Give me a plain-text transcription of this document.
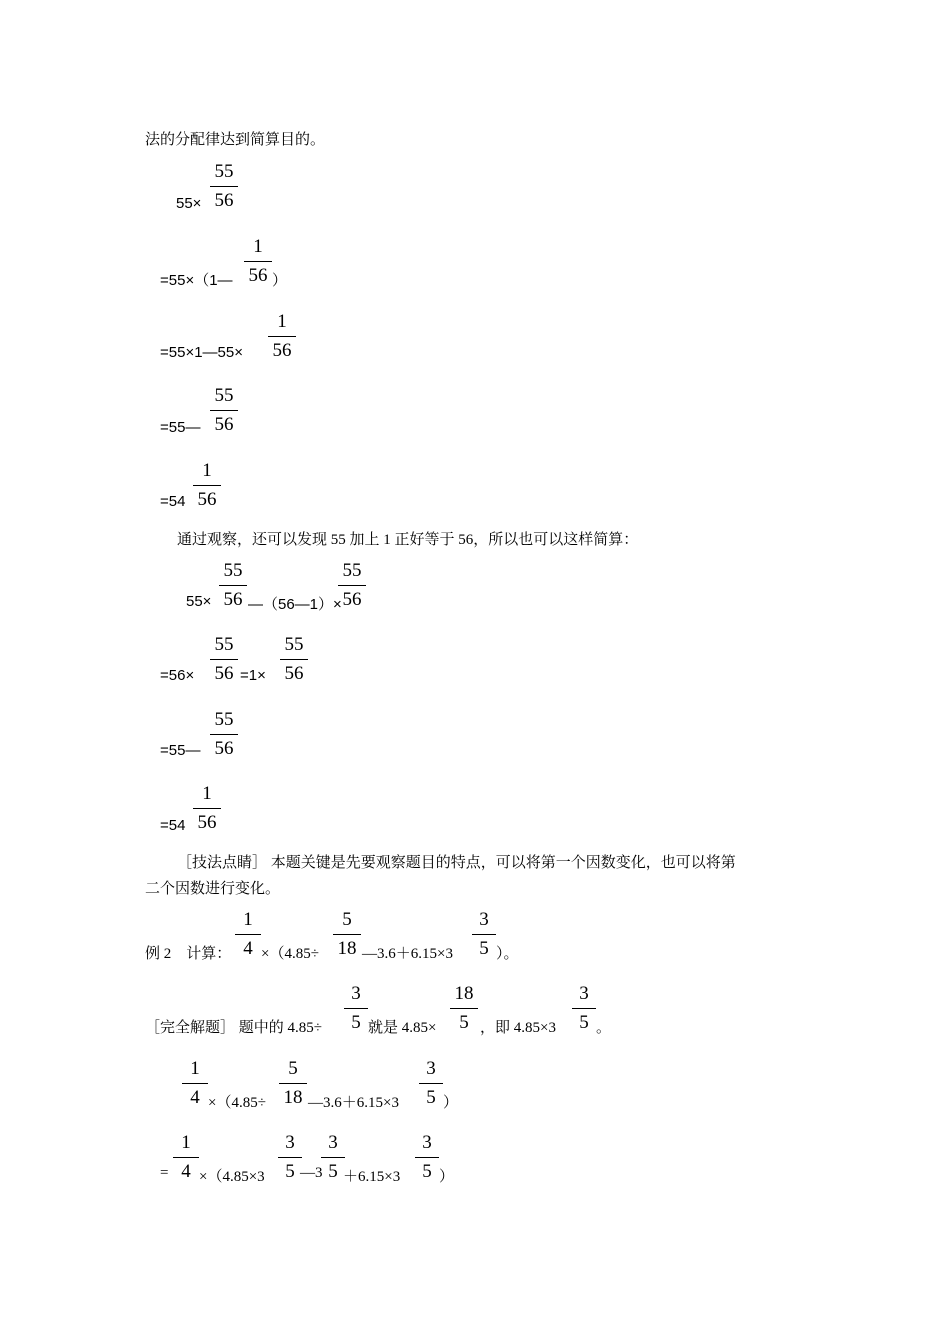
法的分配律达到简算目的。
55×
55
56
=55×（1—
1
56 ）
=55×1—55×
1
56
=55—
55
56
=54
1
56
通过观察，还可以发现 55 加上 1 正好等于 56，所以也可以这样简算：
55×
55
56 —（56—1）×
55
56
=56×
55
56 =1×
55
56
=55—
55
56
=54
1
56
［技法点睛］ 本题关键是先要观察题目的特点，可以将第一个因数变化，也可以将第
二个因数进行变化。
例 2　计算：
1
4 ×（4.85÷
5
18 —3.6＋6.15×3
3
5 ）。
［完全解题］ 题中的 4.85÷
3
5 就是 4.85×
18
5 ，即 4.85×3
3
5 。
1
4 ×（4.85÷
5
18 —3.6＋6.15×3
3
5 ）
=
1
4 ×（4.85×3
3
5 —3
3
5 ＋6.15×3
3
5 ）
